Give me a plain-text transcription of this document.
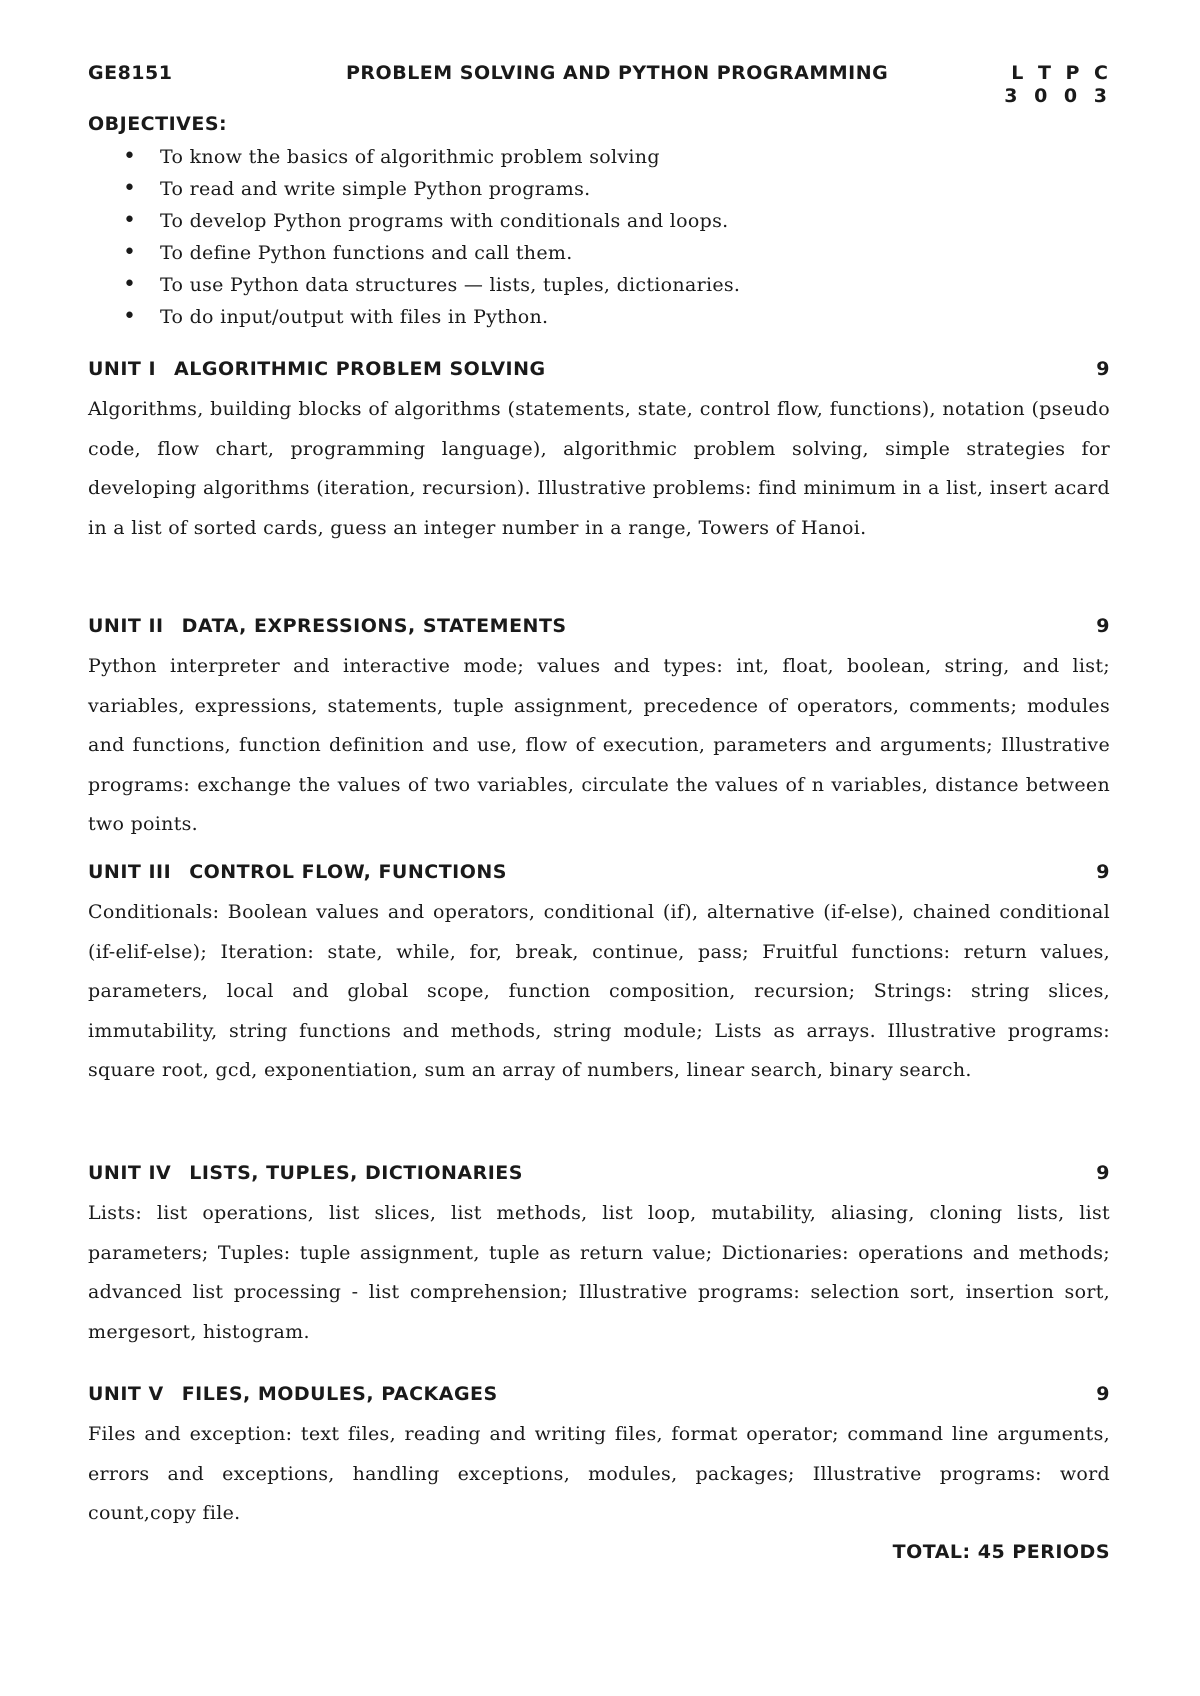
GE8151	PROBLEM SOLVING AND PYTHON PROGRAMMING	L T P C
3 0 0 3
OBJECTIVES:
• To know the basics of algorithmic problem solving
• To read and write simple Python programs.
• To develop Python programs with conditionals and loops.
• To define Python functions and call them.
• To use Python data structures — lists, tuples, dictionaries.
• To do input/output with files in Python.
UNIT I ALGORITHMIC PROBLEM SOLVING	9
Algorithms, building blocks of algorithms (statements, state, control flow, functions), notation (pseudo code, flow chart, programming language), algorithmic problem solving, simple strategies for developing algorithms (iteration, recursion). Illustrative problems: find minimum in a list, insert acard in a list of sorted cards, guess an integer number in a range, Towers of Hanoi.
UNIT II DATA, EXPRESSIONS, STATEMENTS	9
Python interpreter and interactive mode; values and types: int, float, boolean, string, and list; variables, expressions, statements, tuple assignment, precedence of operators, comments; modules and functions, function definition and use, flow of execution, parameters and arguments; Illustrative programs: exchange the values of two variables, circulate the values of n variables, distance between two points.
UNIT III CONTROL FLOW, FUNCTIONS	9
Conditionals: Boolean values and operators, conditional (if), alternative (if-else), chained conditional (if-elif-else); Iteration: state, while, for, break, continue, pass; Fruitful functions: return values, parameters, local and global scope, function composition, recursion; Strings: string slices, immutability, string functions and methods, string module; Lists as arrays. Illustrative programs: square root, gcd, exponentiation, sum an array of numbers, linear search, binary search.
UNIT IV LISTS, TUPLES, DICTIONARIES	9
Lists: list operations, list slices, list methods, list loop, mutability, aliasing, cloning lists, list parameters; Tuples: tuple assignment, tuple as return value; Dictionaries: operations and methods; advanced list processing - list comprehension; Illustrative programs: selection sort, insertion sort, mergesort, histogram.
UNIT V FILES, MODULES, PACKAGES	9
Files and exception: text files, reading and writing files, format operator; command line arguments, errors and exceptions, handling exceptions, modules, packages; Illustrative programs: word count,copy file.
TOTAL: 45 PERIODS
